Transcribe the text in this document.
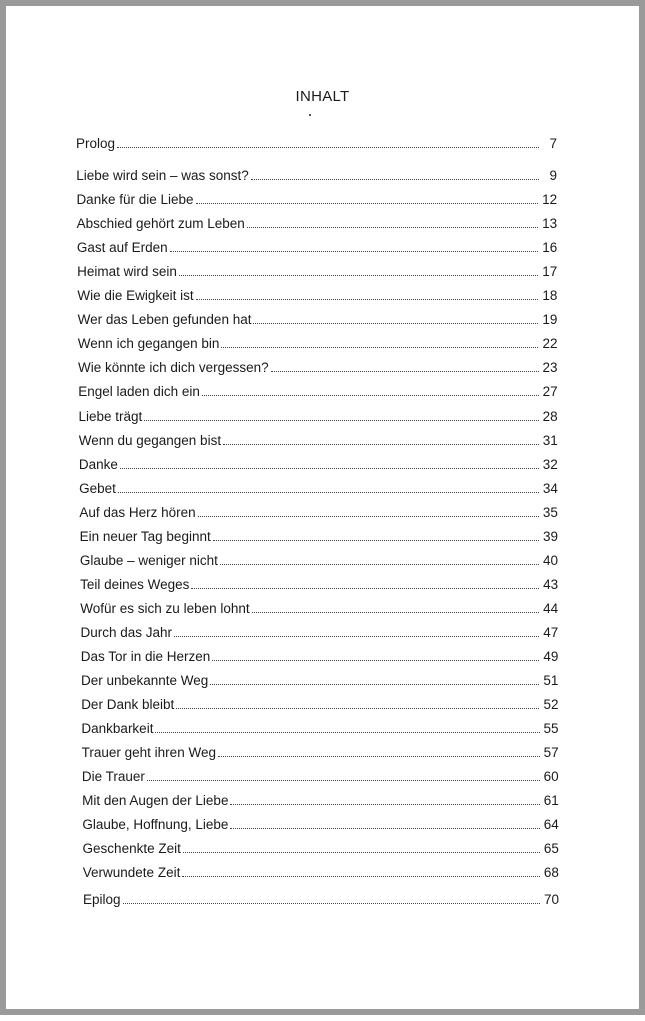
INHALT
Prolog	7
Liebe wird sein – was sonst?	9
Danke für die Liebe	12
Abschied gehört zum Leben	13
Gast auf Erden	16
Heimat wird sein	17
Wie die Ewigkeit ist	18
Wer das Leben gefunden hat	19
Wenn ich gegangen bin	22
Wie könnte ich dich vergessen?	23
Engel laden dich ein	27
Liebe trägt	28
Wenn du gegangen bist	31
Danke	32
Gebet	34
Auf das Herz hören	35
Ein neuer Tag beginnt	39
Glaube – weniger nicht	40
Teil deines Weges	43
Wofür es sich zu leben lohnt	44
Durch das Jahr	47
Das Tor in die Herzen	49
Der unbekannte Weg	51
Der Dank bleibt	52
Dankbarkeit	55
Trauer geht ihren Weg	57
Die Trauer	60
Mit den Augen der Liebe	61
Glaube, Hoffnung, Liebe	64
Geschenkte Zeit	65
Verwundete Zeit	68
Epilog	70
